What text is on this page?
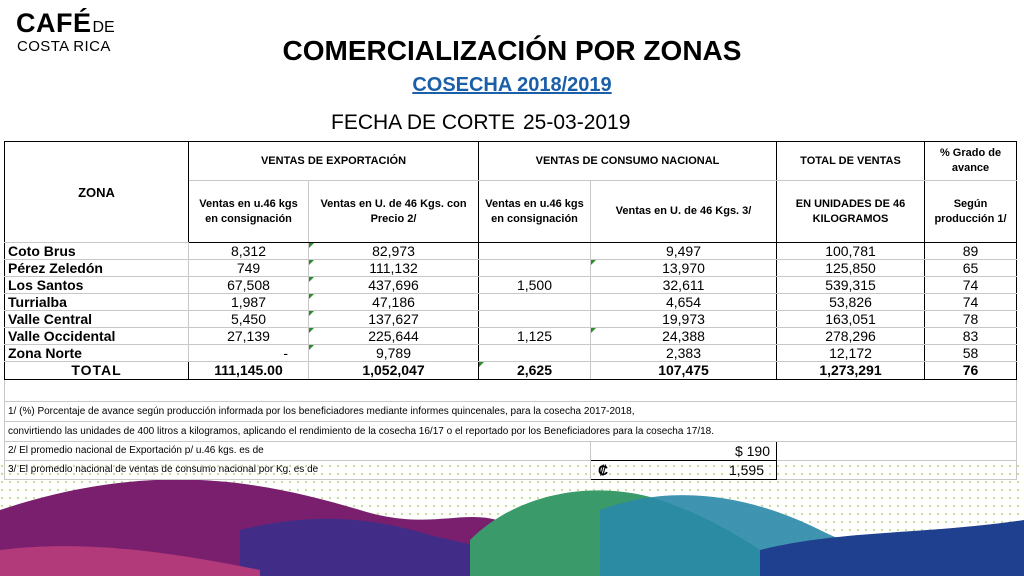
CAFÉDE
COSTA RICA	COMERCIALIZACIÓN POR ZONAS
COSECHA 2018/2019
FECHA DE CORTE 25-03-2019
ZONA	VENTAS DE EXPORTACIÓN		VENTAS DE CONSUMO NACIONAL		TOTAL DE VENTAS	% Grado de avance
	Ventas en u.46 kgs en consignación	Ventas en U. de 46 Kgs. con Precio 2/	Ventas en u.46 kgs en consignación	Ventas en U. de 46 Kgs. 3/	EN UNIDADES DE 46 KILOGRAMOS	Según producción 1/
Coto Brus	8,312	82,973		9,497	100,781	89
Pérez Zeledón	749	111,132		13,970	125,850	65
Los Santos	67,508	437,696	1,500	32,611	539,315	74
Turrialba	1,987	47,186		4,654	53,826	74
Valle Central	5,450	137,627		19,973	163,051	78
Valle Occidental	27,139	225,644	1,125	24,388	278,296	83
Zona Norte	-	9,789		2,383	12,172	58
TOTAL	111,145.00	1,052,047	2,625	107,475	1,273,291	76

1/ (%) Porcentaje de avance según producción informada por los beneficiadores mediante informes quincenales, para la cosecha 2017-2018,						
convirtiendo las unidades de 400 litros a kilogramos, aplicando el rendimiento de la cosecha 16/17 o el reportado por los Beneficiadores para la cosecha 17/18.						
2/ El promedio nacional de Exportación p/ u.46 kgs. es de				$ 190		
3/ El promedio nacional de ventas de consumo nacional por Kg. es de				₡ 1,595		
